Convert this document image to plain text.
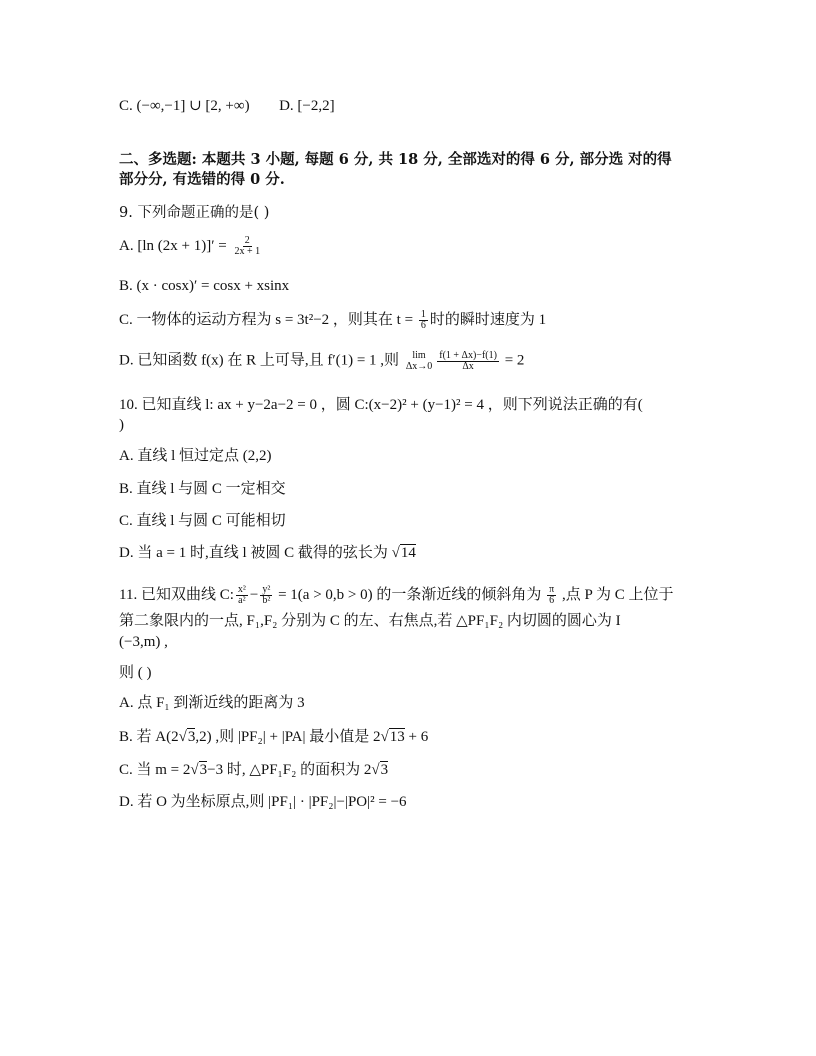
C. (−∞,−1] ∪ [2, +∞) D. [−2,2]
二、多选题: 本题共 3 小题, 每题 6 分, 共 18 分, 全部选对的得 6 分, 部分选 对的得
部分分, 有选错的得 0 分.
9. 下列命题正确的是( )
A. [ln $(2x + 1)]' = \frac{2}{2x + 1}$
B. (x · cosx)′ = cosx + xsinx
C. 一物体的运动方程为 s = 3t²−2 ，则其在 $t = \frac{1}{6}$ 时的瞬时速度为 1
D. 已知函数 f(x) 在 R 上可导,且 f′(1) = 1 ,则 lim
$\Delta x\to 0 \frac{f(1 + \Delta x)-f(1)}{\Delta x} = 2$
10. 已知直线 l: ax + y−2a−2 = 0 ，圆 C:(x−2)² + (y−1)² = 4 ，则下列说法正确的有(
)
A. 直线 l 恒过定点 (2,2)
B. 直线 l 与圆 C 一定相交
C. 直线 l 与圆 C 可能相切
D. 当 a = 1 时,直线 l 被圆 C 截得的弦长为 √14
11. 已知双曲线 C: $\frac{\text{x²}}{\text{a²}} - \frac{\text{y²}}{\text{b²}} = 1(a > 0,b > 0)$ 的一条渐近线的倾斜角为 $\frac{\pi}{6}$ ,点 P 为 C 上位于
第二象限内的一点, F₁,F₂ 分别为 C 的左、右焦点,若 △PF₁F₂ 内切圆的圆心为 I
(−3,m) ,
则 ( )
A. 点 F₁ 到渐近线的距离为 3
B. 若 A(2√3,2) ,则 |PF₂| + |PA| 最小值是 2√13 + 6
C. 当 m = 2√3−3 时, △PF₁F₂ 的面积为 2√3
D. 若 O 为坐标原点,则 |PF₁| · |PF₂|−|PO|² = −6
